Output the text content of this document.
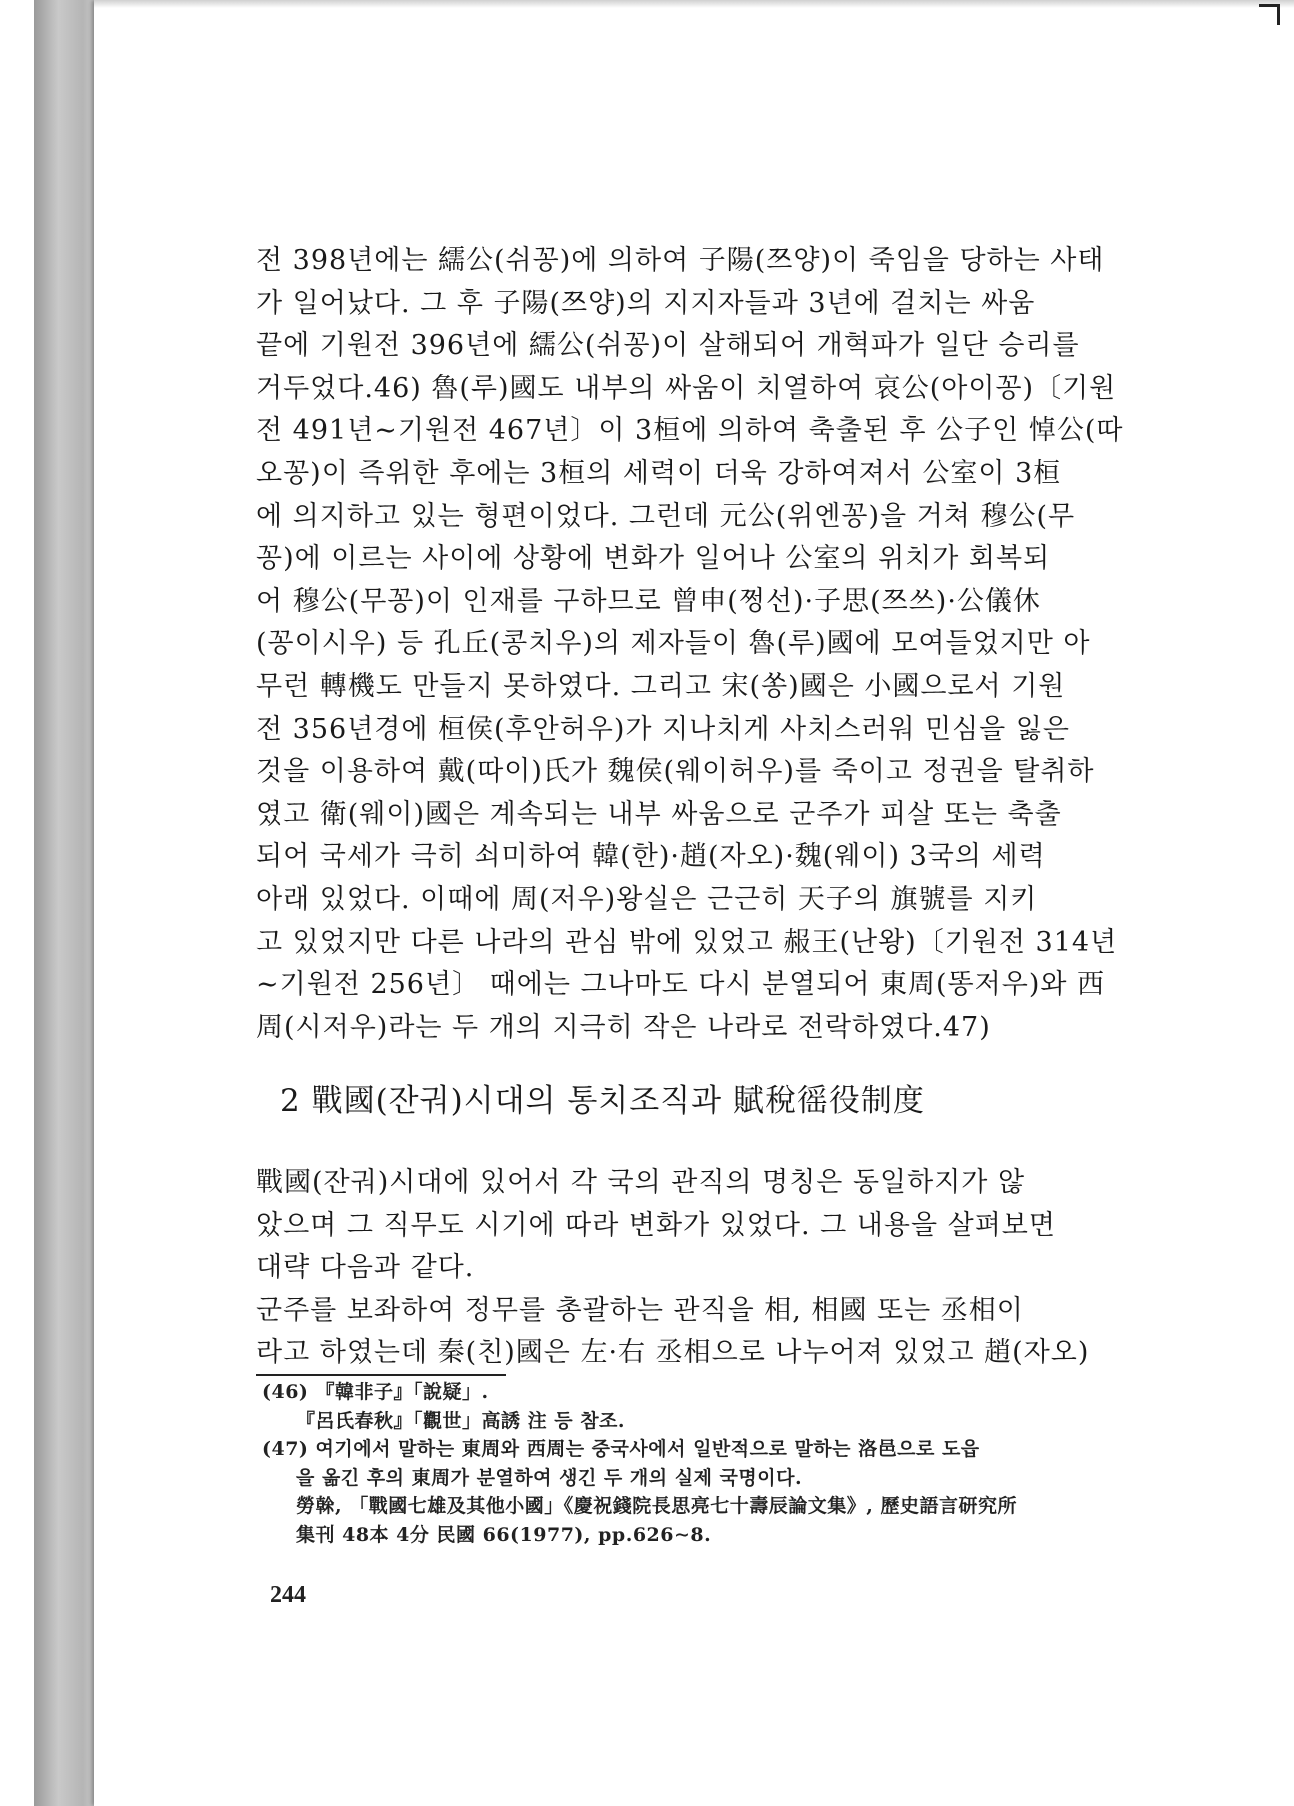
전 398년에는 繻公(쉬꽁)에 의하여 子陽(쯔양)이 죽임을 당하는 사태
가 일어났다. 그 후 子陽(쯔양)의 지지자들과 3년에 걸치는 싸움
끝에 기원전 396년에 繻公(쉬꽁)이 살해되어 개혁파가 일단 승리를
거두었다.46) 魯(루)國도 내부의 싸움이 치열하여 哀公(아이꽁)〔기원
전 491년∼기원전 467년〕이 3桓에 의하여 축출된 후 公子인 悼公(따
오꽁)이 즉위한 후에는 3桓의 세력이 더욱 강하여져서 公室이 3桓
에 의지하고 있는 형편이었다. 그런데 元公(위엔꽁)을 거쳐 穆公(무
꽁)에 이르는 사이에 상황에 변화가 일어나 公室의 위치가 회복되
어 穆公(무꽁)이 인재를 구하므로 曾申(쩡선)·子思(쯔쓰)·公儀休
(꽁이시우) 등 孔丘(콩치우)의 제자들이 魯(루)國에 모여들었지만 아
무런 轉機도 만들지 못하였다. 그리고 宋(쏭)國은 小國으로서 기원
전 356년경에 桓侯(후안허우)가 지나치게 사치스러워 민심을 잃은
것을 이용하여 戴(따이)氏가 魏侯(웨이허우)를 죽이고 정권을 탈취하
였고 衛(웨이)國은 계속되는 내부 싸움으로 군주가 피살 또는 축출
되어 국세가 극히 쇠미하여 韓(한)·趙(자오)·魏(웨이) 3국의 세력
아래 있었다. 이때에 周(저우)왕실은 근근히 天子의 旗號를 지키
고 있었지만 다른 나라의 관심 밖에 있었고 赧王(난왕)〔기원전 314년
∼기원전 256년〕 때에는 그나마도 다시 분열되어 東周(똥저우)와 西
周(시저우)라는 두 개의 지극히 작은 나라로 전락하였다.47)
2 戰國(잔궈)시대의 통치조직과 賦稅徭役制度
戰國(잔궈)시대에 있어서 각 국의 관직의 명칭은 동일하지가 않
았으며 그 직무도 시기에 따라 변화가 있었다. 그 내용을 살펴보면
대략 다음과 같다.
군주를 보좌하여 정무를 총괄하는 관직을 相, 相國 또는 丞相이
라고 하였는데 秦(친)國은 左·右 丞相으로 나누어져 있었고 趙(자오)
(46) 『韓非子』「說疑」.
『呂氏春秋』「觀世」高誘 注 등 참조.
(47) 여기에서 말하는 東周와 西周는 중국사에서 일반적으로 말하는 洛邑으로 도읍
을 옮긴 후의 東周가 분열하여 생긴 두 개의 실제 국명이다.
勞榦, 「戰國七雄及其他小國」《慶祝錢院長思亮七十壽辰論文集》, 歷史語言研究所
集刊 48本 4分 民國 66(1977), pp.626∼8.
244
